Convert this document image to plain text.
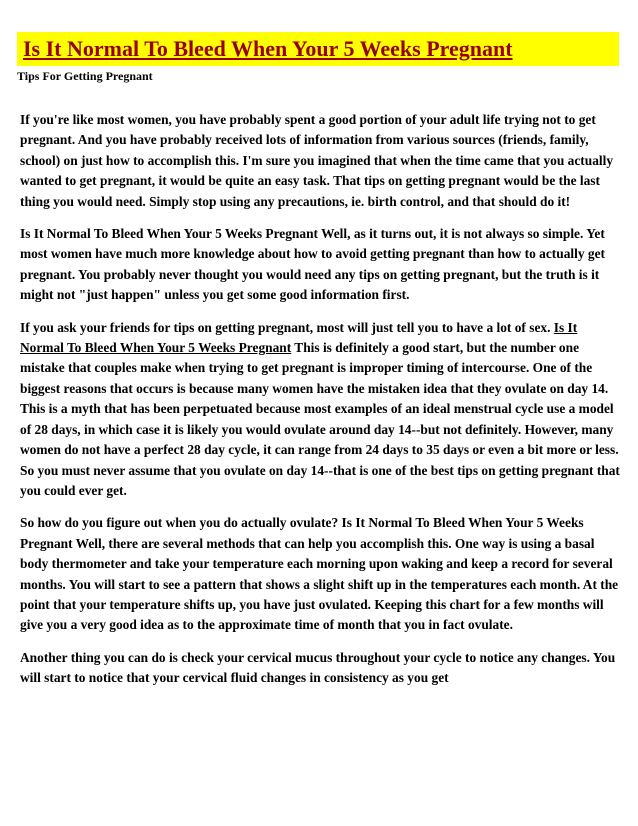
Is It Normal To Bleed When Your 5 Weeks Pregnant
Tips For Getting Pregnant

If you're like most women, you have probably spent a good portion of your adult life trying not to get pregnant. And you have probably received lots of information from various sources (friends, family, school) on just how to accomplish this. I'm sure you imagined that when the time came that you actually wanted to get pregnant, it would be quite an easy task. That tips on getting pregnant would be the last thing you would need. Simply stop using any precautions, ie. birth control, and that should do it!

Is It Normal To Bleed When Your 5 Weeks Pregnant Well, as it turns out, it is not always so simple. Yet most women have much more knowledge about how to avoid getting pregnant than how to actually get pregnant. You probably never thought you would need any tips on getting pregnant, but the truth is it might not "just happen" unless you get some good information first.

If you ask your friends for tips on getting pregnant, most will just tell you to have a lot of sex. Is It Normal To Bleed When Your 5 Weeks Pregnant This is definitely a good start, but the number one mistake that couples make when trying to get pregnant is improper timing of intercourse. One of the biggest reasons that occurs is because many women have the mistaken idea that they ovulate on day 14. This is a myth that has been perpetuated because most examples of an ideal menstrual cycle use a model of 28 days, in which case it is likely you would ovulate around day 14--but not definitely. However, many women do not have a perfect 28 day cycle, it can range from 24 days to 35 days or even a bit more or less. So you must never assume that you ovulate on day 14--that is one of the best tips on getting pregnant that you could ever get.

So how do you figure out when you do actually ovulate? Is It Normal To Bleed When Your 5 Weeks Pregnant Well, there are several methods that can help you accomplish this. One way is using a basal body thermometer and take your temperature each morning upon waking and keep a record for several months. You will start to see a pattern that shows a slight shift up in the temperatures each month. At the point that your temperature shifts up, you have just ovulated. Keeping this chart for a few months will give you a very good idea as to the approximate time of month that you in fact ovulate.

Another thing you can do is check your cervical mucus throughout your cycle to notice any changes. You will start to notice that your cervical fluid changes in consistency as you get
